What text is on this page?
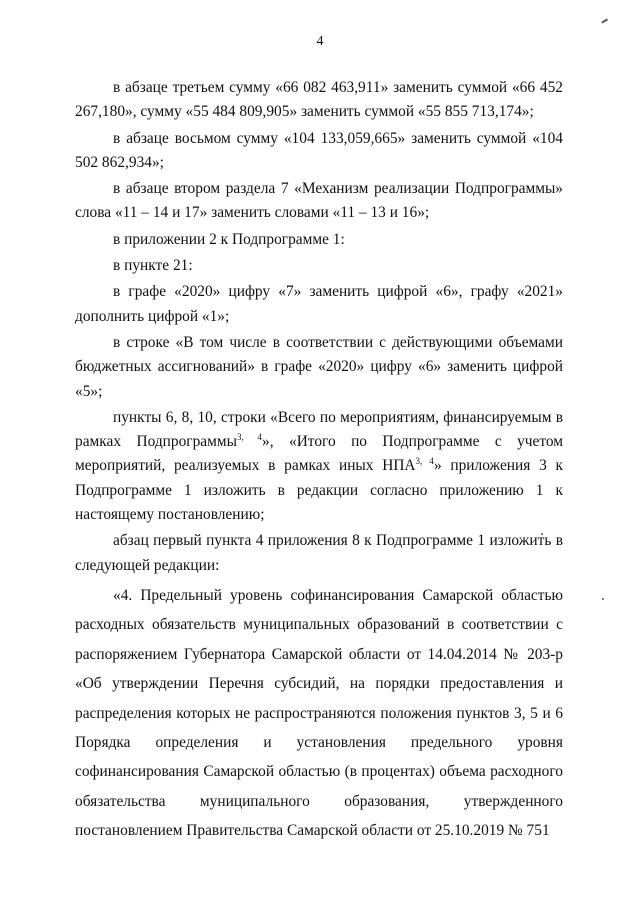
4

в абзаце третьем сумму «66 082 463,911» заменить суммой «66 452 267,180», сумму «55 484 809,905» заменить суммой «55 855 713,174»;

в абзаце восьмом сумму «104 133,059,665» заменить суммой «104 502 862,934»;

в абзаце втором раздела 7 «Механизм реализации Подпрограммы» слова «11 – 14 и 17» заменить словами «11 – 13 и 16»;

в приложении 2 к Подпрограмме 1:

в пункте 21:

в графе «2020» цифру «7» заменить цифрой «6», графу «2021» дополнить цифрой «1»;

в строке «В том числе в соответствии с действующими объемами бюджетных ассигнований» в графе «2020» цифру «6» заменить цифрой «5»;

пункты 6, 8, 10, строки «Всего по мероприятиям, финансируемым в рамках Подпрограммы$^{3, 4}$», «Итого по Подпрограмме с учетом мероприятий, реализуемых в рамках иных НПА$^{3, 4}$» приложения 3 к Подпрограмме 1 изложить в редакции согласно приложению 1 к настоящему постановлению;

абзац первый пункта 4 приложения 8 к Подпрограмме 1 изложить в следующей редакции:

«4. Предельный уровень софинансирования Самарской областью расходных обязательств муниципальных образований в соответствии с распоряжением Губернатора Самарской области от 14.04.2014 № 203-р «Об утверждении Перечня субсидий, на порядки предоставления и распределения которых не распространяются положения пунктов 3, 5 и 6 Порядка определения и установления предельного уровня софинансирования Самарской областью (в процентах) объема расходного обязательства муниципального образования, утвержденного постановлением Правительства Самарской области от 25.10.2019 № 751
